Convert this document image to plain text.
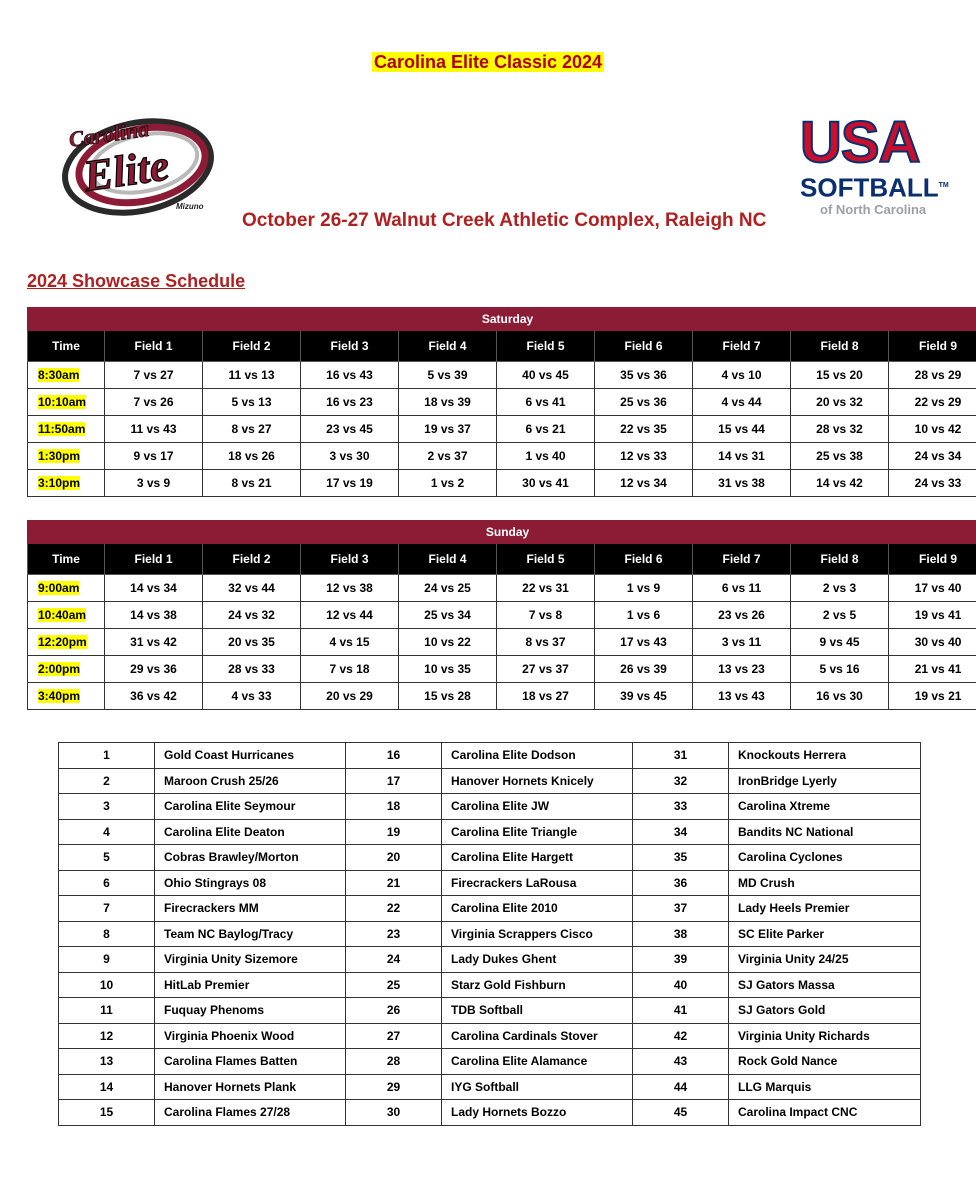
Carolina Elite Classic 2024
Carolina
Elite
Mizuno
USA
SOFTBALL™
of North Carolina
October 26-27 Walnut Creek Athletic Complex, Raleigh NC
2024 Showcase Schedule
Saturday									
Time	Field 1	Field 2	Field 3	Field 4	Field 5	Field 6	Field 7	Field 8	Field 9
8:30am	7 vs 27	11 vs 13	16 vs 43	5 vs 39	40 vs 45	35 vs 36	4 vs 10	15 vs 20	28 vs 29
10:10am	7 vs 26	5 vs 13	16 vs 23	18 vs 39	6 vs 41	25 vs 36	4 vs 44	20 vs 32	22 vs 29
11:50am	11 vs 43	8 vs 27	23 vs 45	19 vs 37	6 vs 21	22 vs 35	15 vs 44	28 vs 32	10 vs 42
1:30pm	9 vs 17	18 vs 26	3 vs 30	2 vs 37	1 vs 40	12 vs 33	14 vs 31	25 vs 38	24 vs 34
3:10pm	3 vs 9	8 vs 21	17 vs 19	1 vs 2	30 vs 41	12 vs 34	31 vs 38	14 vs 42	24 vs 33
Sunday									
Time	Field 1	Field 2	Field 3	Field 4	Field 5	Field 6	Field 7	Field 8	Field 9
9:00am	14 vs 34	32 vs 44	12 vs 38	24 vs 25	22 vs 31	1 vs 9	6 vs 11	2 vs 3	17 vs 40
10:40am	14 vs 38	24 vs 32	12 vs 44	25 vs 34	7 vs 8	1 vs 6	23 vs 26	2 vs 5	19 vs 41
12:20pm	31 vs 42	20 vs 35	4 vs 15	10 vs 22	8 vs 37	17 vs 43	3 vs 11	9 vs 45	30 vs 40
2:00pm	29 vs 36	28 vs 33	7 vs 18	10 vs 35	27 vs 37	26 vs 39	13 vs 23	5 vs 16	21 vs 41
3:40pm	36 vs 42	4 vs 33	20 vs 29	15 vs 28	18 vs 27	39 vs 45	13 vs 43	16 vs 30	19 vs 21
1	Gold Coast Hurricanes	16	Carolina Elite Dodson	31	Knockouts Herrera
2	Maroon Crush 25/26	17	Hanover Hornets Knicely	32	IronBridge Lyerly
3	Carolina Elite Seymour	18	Carolina Elite JW	33	Carolina Xtreme
4	Carolina Elite Deaton	19	Carolina Elite Triangle	34	Bandits NC National
5	Cobras Brawley/Morton	20	Carolina Elite Hargett	35	Carolina Cyclones
6	Ohio Stingrays 08	21	Firecrackers LaRousa	36	MD Crush
7	Firecrackers MM	22	Carolina Elite 2010	37	Lady Heels Premier
8	Team NC Baylog/Tracy	23	Virginia Scrappers Cisco	38	SC Elite Parker
9	Virginia Unity Sizemore	24	Lady Dukes Ghent	39	Virginia Unity 24/25
10	HitLab Premier	25	Starz Gold Fishburn	40	SJ Gators Massa
11	Fuquay Phenoms	26	TDB Softball	41	SJ Gators Gold
12	Virginia Phoenix Wood	27	Carolina Cardinals Stover	42	Virginia Unity Richards
13	Carolina Flames Batten	28	Carolina Elite Alamance	43	Rock Gold Nance
14	Hanover Hornets Plank	29	IYG Softball	44	LLG Marquis
15	Carolina Flames 27/28	30	Lady Hornets Bozzo	45	Carolina Impact CNC
